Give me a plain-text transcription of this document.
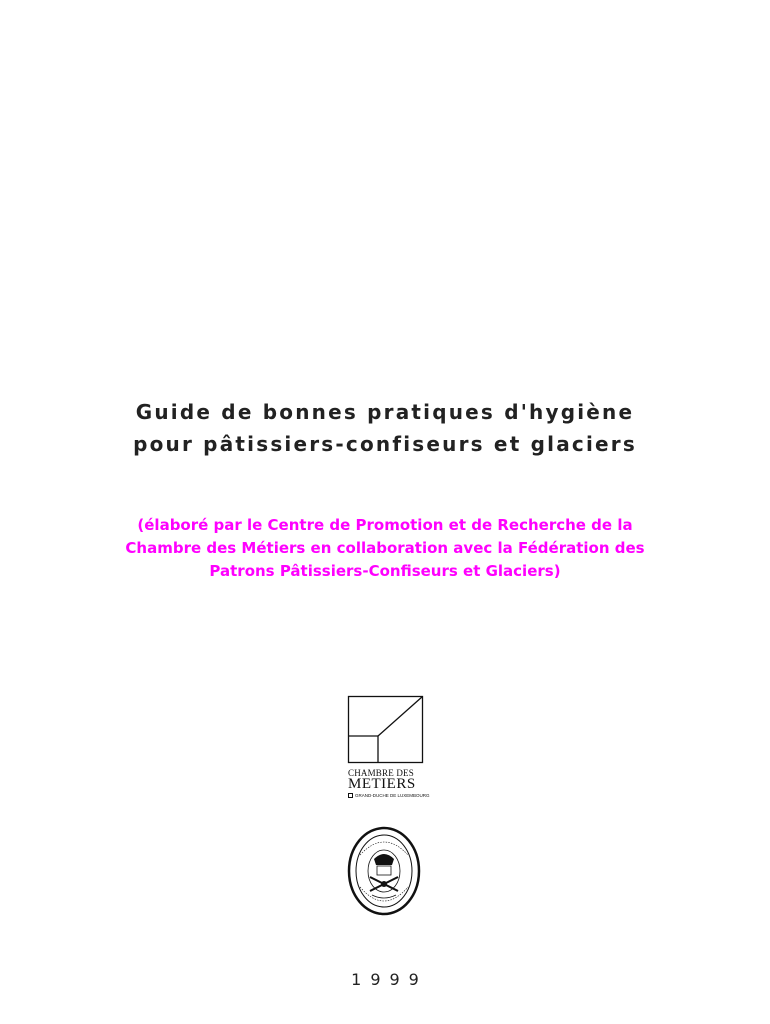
Guide de bonnes pratiques d'hygiène
pour pâtissiers-confiseurs et glaciers
(élaboré par le Centre de Promotion et de Recherche de la
Chambre des Métiers en collaboration avec la Fédération des
Patrons Pâtissiers-Confiseurs et Glaciers)
CHAMBRE DES
METIERS
GRAND-DUCHE DE LUXEMBOURG
1999
